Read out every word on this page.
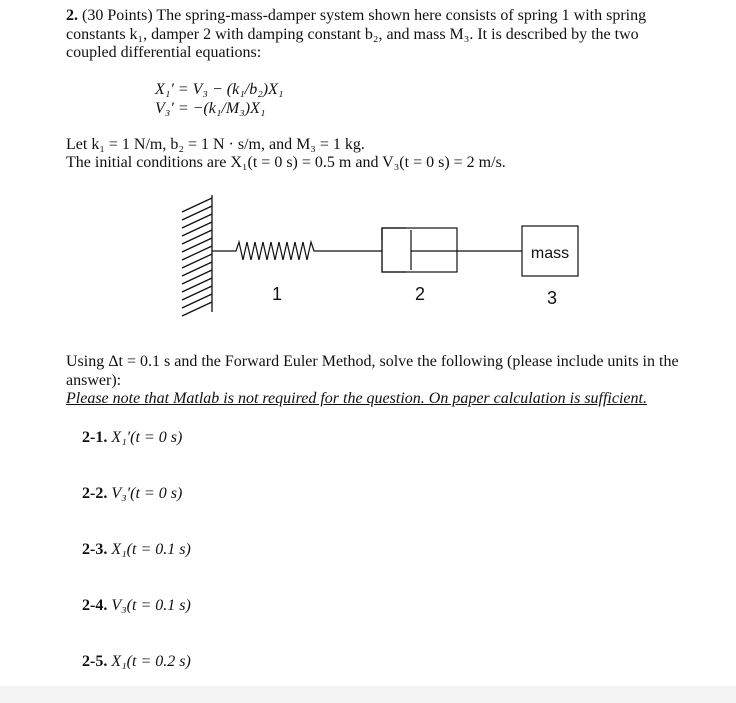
2. (30 Points) The spring-mass-damper system shown here consists of spring 1 with spring
constants k₁, damper 2 with damping constant b₂, and mass M₃. It is described by the two
coupled differential equations:
X₁′ = V₃ − (k₁/b₂)X₁
V₃′ = −(k₁/M₃)X₁
Let k₁ = 1 N/m, b₂ = 1 N · s/m, and M₃ = 1 kg.
The initial conditions are X₁(t = 0 s) = 0.5 m and V₃(t = 0 s) = 2 m/s.
mass
1	2	3
Using Δt = 0.1 s and the Forward Euler Method, solve the following (please include units in the
answer):
Please note that Matlab is not required for the question. On paper calculation is sufficient.
2-1. X₁′(t = 0 s)
2-2. V₃′(t = 0 s)
2-3. X₁(t = 0.1 s)
2-4. V₃(t = 0.1 s)
2-5. X₁(t = 0.2 s)
